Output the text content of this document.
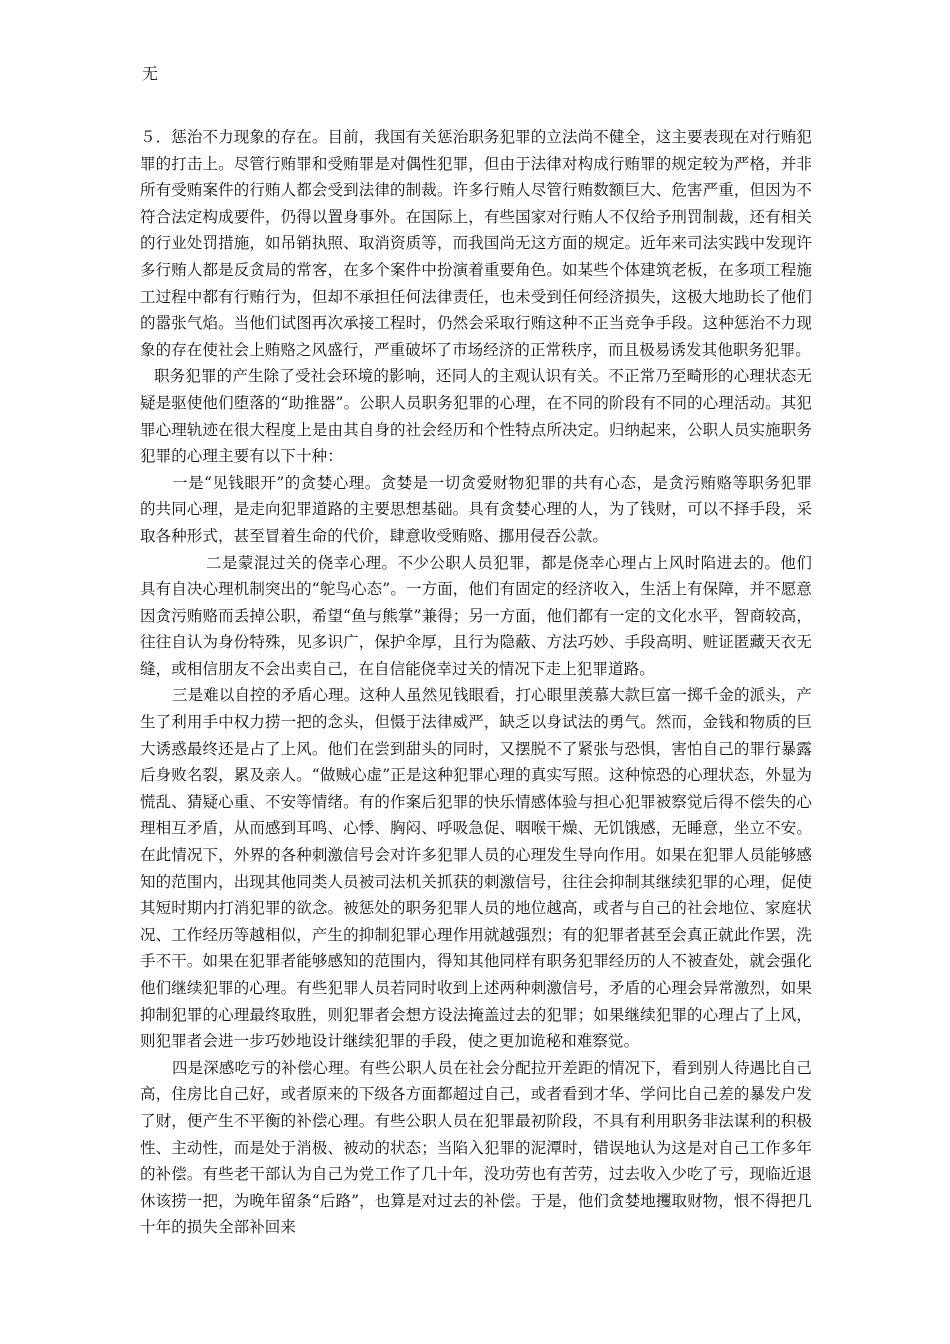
无

５．惩治不力现象的存在。目前，我国有关惩治职务犯罪的立法尚不健全，这主要表现在对行贿犯罪的打击上。尽管行贿罪和受贿罪是对偶性犯罪，但由于法律对构成行贿罪的规定较为严格，并非所有受贿案件的行贿人都会受到法律的制裁。许多行贿人尽管行贿数额巨大、危害严重，但因为不符合法定构成要件，仍得以置身事外。在国际上，有些国家对行贿人不仅给予刑罚制裁，还有相关的行业处罚措施，如吊销执照、取消资质等，而我国尚无这方面的规定。近年来司法实践中发现许多行贿人都是反贪局的常客，在多个案件中扮演着重要角色。如某些个体建筑老板，在多项工程施工过程中都有行贿行为，但却不承担任何法律责任，也未受到任何经济损失，这极大地助长了他们的嚣张气焰。当他们试图再次承接工程时，仍然会采取行贿这种不正当竞争手段。这种惩治不力现象的存在使社会上贿赂之风盛行，严重破坏了市场经济的正常秩序，而且极易诱发其他职务犯罪。

职务犯罪的产生除了受社会环境的影响，还同人的主观认识有关。不正常乃至畸形的心理状态无疑是驱使他们堕落的“助推器”。公职人员职务犯罪的心理，在不同的阶段有不同的心理活动。其犯罪心理轨迹在很大程度上是由其自身的社会经历和个性特点所决定。归纳起来，公职人员实施职务犯罪的心理主要有以下十种：

一是“见钱眼开”的贪婪心理。贪婪是一切贪爱财物犯罪的共有心态，是贪污贿赂等职务犯罪的共同心理，是走向犯罪道路的主要思想基础。具有贪婪心理的人，为了钱财，可以不择手段，采取各种形式，甚至冒着生命的代价，肆意收受贿赂、挪用侵吞公款。

二是蒙混过关的侥幸心理。不少公职人员犯罪，都是侥幸心理占上风时陷进去的。他们具有自决心理机制突出的“鸵鸟心态”。一方面，他们有固定的经济收入，生活上有保障，并不愿意因贪污贿赂而丢掉公职，希望“鱼与熊掌”兼得；另一方面，他们都有一定的文化水平，智商较高，往往自认为身份特殊，见多识广，保护伞厚，且行为隐蔽、方法巧妙、手段高明、赃证匿藏天衣无缝，或相信朋友不会出卖自己，在自信能侥幸过关的情况下走上犯罪道路。

三是难以自控的矛盾心理。这种人虽然见钱眼看，打心眼里羡慕大款巨富一掷千金的派头，产生了利用手中权力捞一把的念头，但慑于法律威严，缺乏以身试法的勇气。然而，金钱和物质的巨大诱惑最终还是占了上风。他们在尝到甜头的同时，又摆脱不了紧张与恐惧，害怕自己的罪行暴露后身败名裂，累及亲人。“做贼心虚”正是这种犯罪心理的真实写照。这种惊恐的心理状态，外显为慌乱、猜疑心重、不安等情绪。有的作案后犯罪的快乐情感体验与担心犯罪被察觉后得不偿失的心理相互矛盾，从而感到耳鸣、心悸、胸闷、呼吸急促、咽喉干燥、无饥饿感，无睡意，坐立不安。在此情况下，外界的各种刺激信号会对许多犯罪人员的心理发生导向作用。如果在犯罪人员能够感知的范围内，出现其他同类人员被司法机关抓获的刺激信号，往往会抑制其继续犯罪的心理，促使其短时期内打消犯罪的欲念。被惩处的职务犯罪人员的地位越高，或者与自己的社会地位、家庭状况、工作经历等越相似，产生的抑制犯罪心理作用就越强烈；有的犯罪者甚至会真正就此作罢，洗手不干。如果在犯罪者能够感知的范围内，得知其他同样有职务犯罪经历的人不被查处，就会强化他们继续犯罪的心理。有些犯罪人员若同时收到上述两种刺激信号，矛盾的心理会异常激烈，如果抑制犯罪的心理最终取胜，则犯罪者会想方设法掩盖过去的犯罪；如果继续犯罪的心理占了上风，则犯罪者会进一步巧妙地设计继续犯罪的手段，使之更加诡秘和难察觉。

四是深感吃亏的补偿心理。有些公职人员在社会分配拉开差距的情况下，看到别人待遇比自己高，住房比自己好，或者原来的下级各方面都超过自己，或者看到才华、学问比自己差的暴发户发了财，便产生不平衡的补偿心理。有些公职人员在犯罪最初阶段，不具有利用职务非法谋利的积极性、主动性，而是处于消极、被动的状态；当陷入犯罪的泥潭时，错误地认为这是对自己工作多年的补偿。有些老干部认为自己为党工作了几十年，没功劳也有苦劳，过去收入少吃了亏，现临近退休该捞一把，为晚年留条“后路”，也算是对过去的补偿。于是，他们贪婪地攫取财物，恨不得把几十年的损失全部补回来
